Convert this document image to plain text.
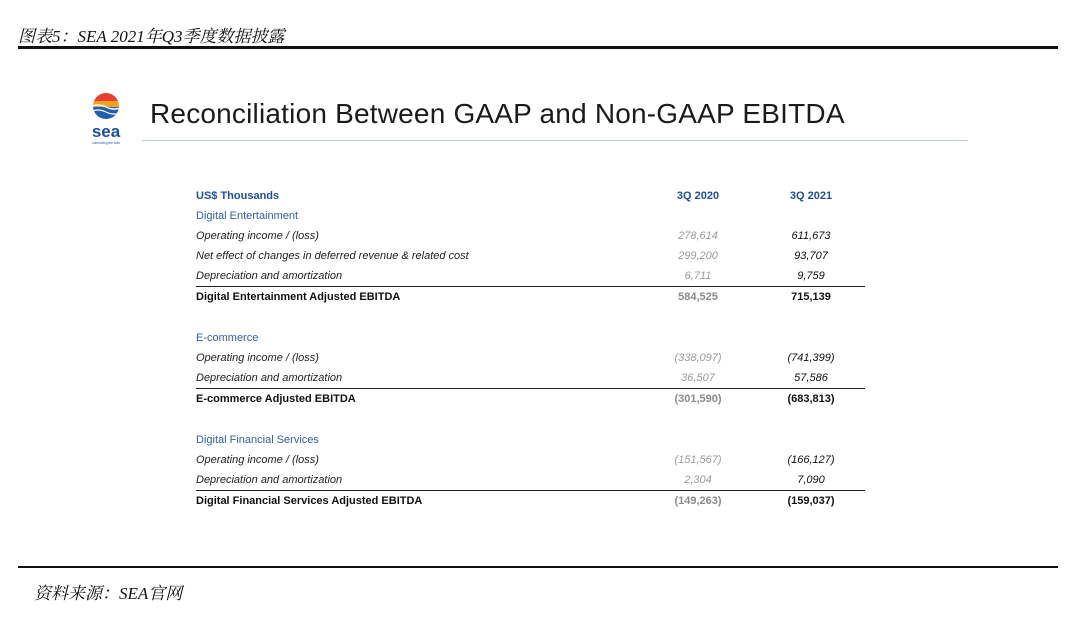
图表5：SEA 2021年Q3季度数据披露
sea
connecting the dots
Reconciliation Between GAAP and Non-GAAP EBITDA
US$ Thousands	3Q 2020	3Q 2021
Digital Entertainment
Operating income / (loss)	278,614	611,673
Net effect of changes in deferred revenue & related cost	299,200	93,707
Depreciation and amortization	6,711	9,759
Digital Entertainment Adjusted EBITDA	584,525	715,139
E-commerce
Operating income / (loss)	(338,097)	(741,399)
Depreciation and amortization	36,507	57,586
E-commerce Adjusted EBITDA	(301,590)	(683,813)
Digital Financial Services
Operating income / (loss)	(151,567)	(166,127)
Depreciation and amortization	2,304	7,090
Digital Financial Services Adjusted EBITDA	(149,263)	(159,037)
资料来源：SEA官网
